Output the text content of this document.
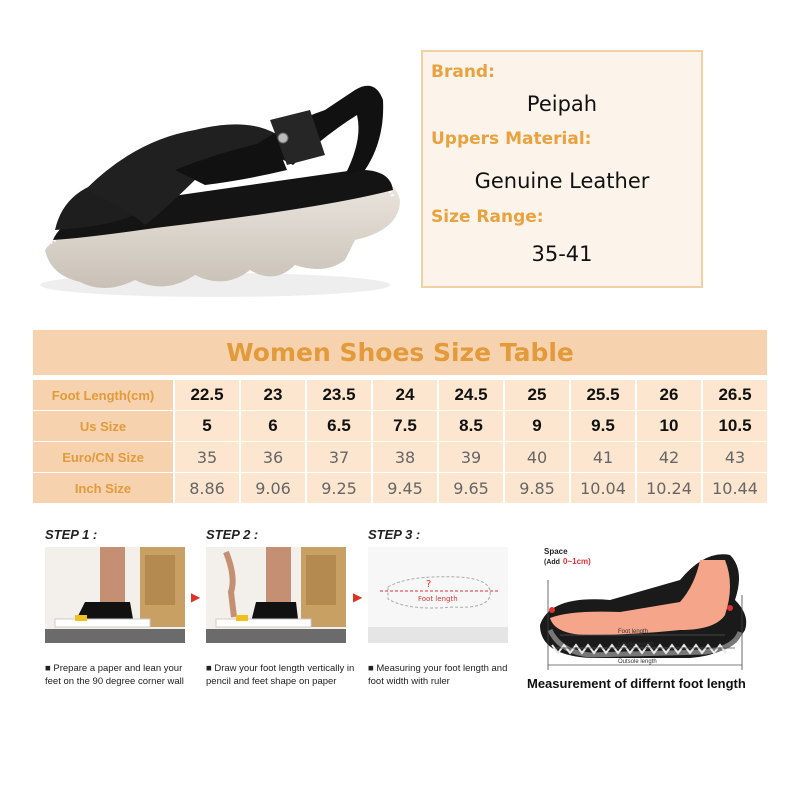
Brand:
Peipah
Uppers Material:
Genuine Leather
Size Range:
35-41
Women Shoes Size Table
Foot Length(cm)	22.5	23	23.5	24	24.5	25	25.5	26	26.5
Us Size	5	6	6.5	7.5	8.5	9	9.5	10	10.5
Euro/CN Size	35	36	37	38	39	40	41	42	43
Inch Size	8.86	9.06	9.25	9.45	9.65	9.85	10.04	10.24	10.44
STEP 1 :
■ Prepare a paper and lean your feet on the 90 degree corner wall
▶
STEP 2 :
■ Draw your foot length vertically in pencil and feet shape on paper
▶
STEP 3 :
?
Foot length
■ Measuring your foot length and foot width with ruler
Space
(Add 0~1cm)
Foot length
Lnsole length
Outsole length
Measurement of differnt foot length
